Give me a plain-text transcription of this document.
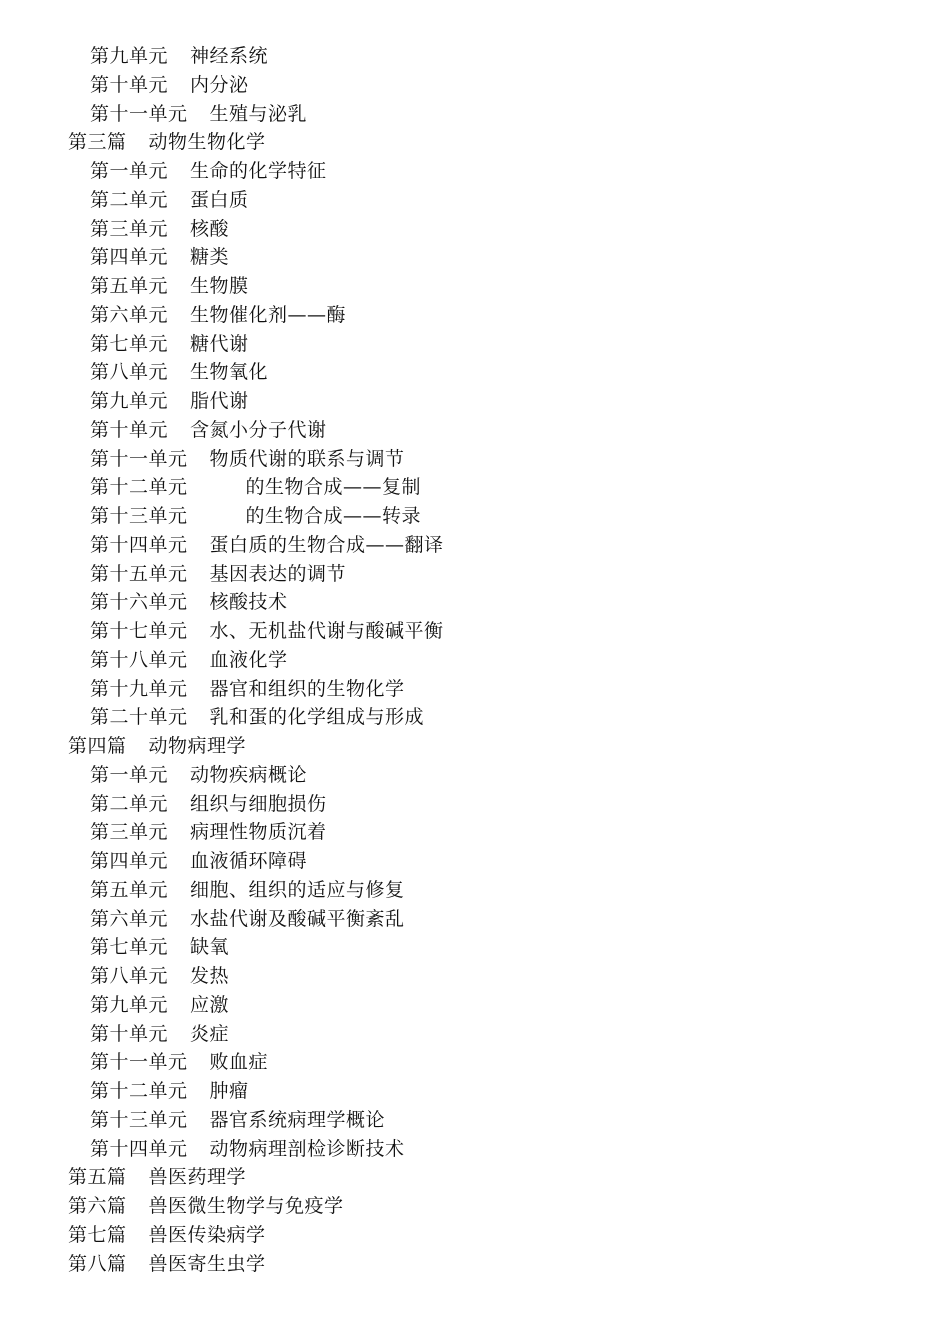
第九单元 神经系统
第十单元 内分泌
第十一单元 生殖与泌乳
第三篇 动物生物化学
第一单元 生命的化学特征
第二单元 蛋白质
第三单元 核酸
第四单元 糖类
第五单元 生物膜
第六单元 生物催化剂——酶
第七单元 糖代谢
第八单元 生物氧化
第九单元 脂代谢
第十单元 含氮小分子代谢
第十一单元 物质代谢的联系与调节
第十二单元	的生物合成——复制
第十三单元	的生物合成——转录
第十四单元 蛋白质的生物合成——翻译
第十五单元 基因表达的调节
第十六单元 核酸技术
第十七单元 水、无机盐代谢与酸碱平衡
第十八单元 血液化学
第十九单元 器官和组织的生物化学
第二十单元 乳和蛋的化学组成与形成
第四篇 动物病理学
第一单元 动物疾病概论
第二单元 组织与细胞损伤
第三单元 病理性物质沉着
第四单元 血液循环障碍
第五单元 细胞、组织的适应与修复
第六单元 水盐代谢及酸碱平衡紊乱
第七单元 缺氧
第八单元 发热
第九单元 应激
第十单元 炎症
第十一单元 败血症
第十二单元 肿瘤
第十三单元 器官系统病理学概论
第十四单元 动物病理剖检诊断技术
第五篇 兽医药理学
第六篇 兽医微生物学与免疫学
第七篇 兽医传染病学
第八篇 兽医寄生虫学
